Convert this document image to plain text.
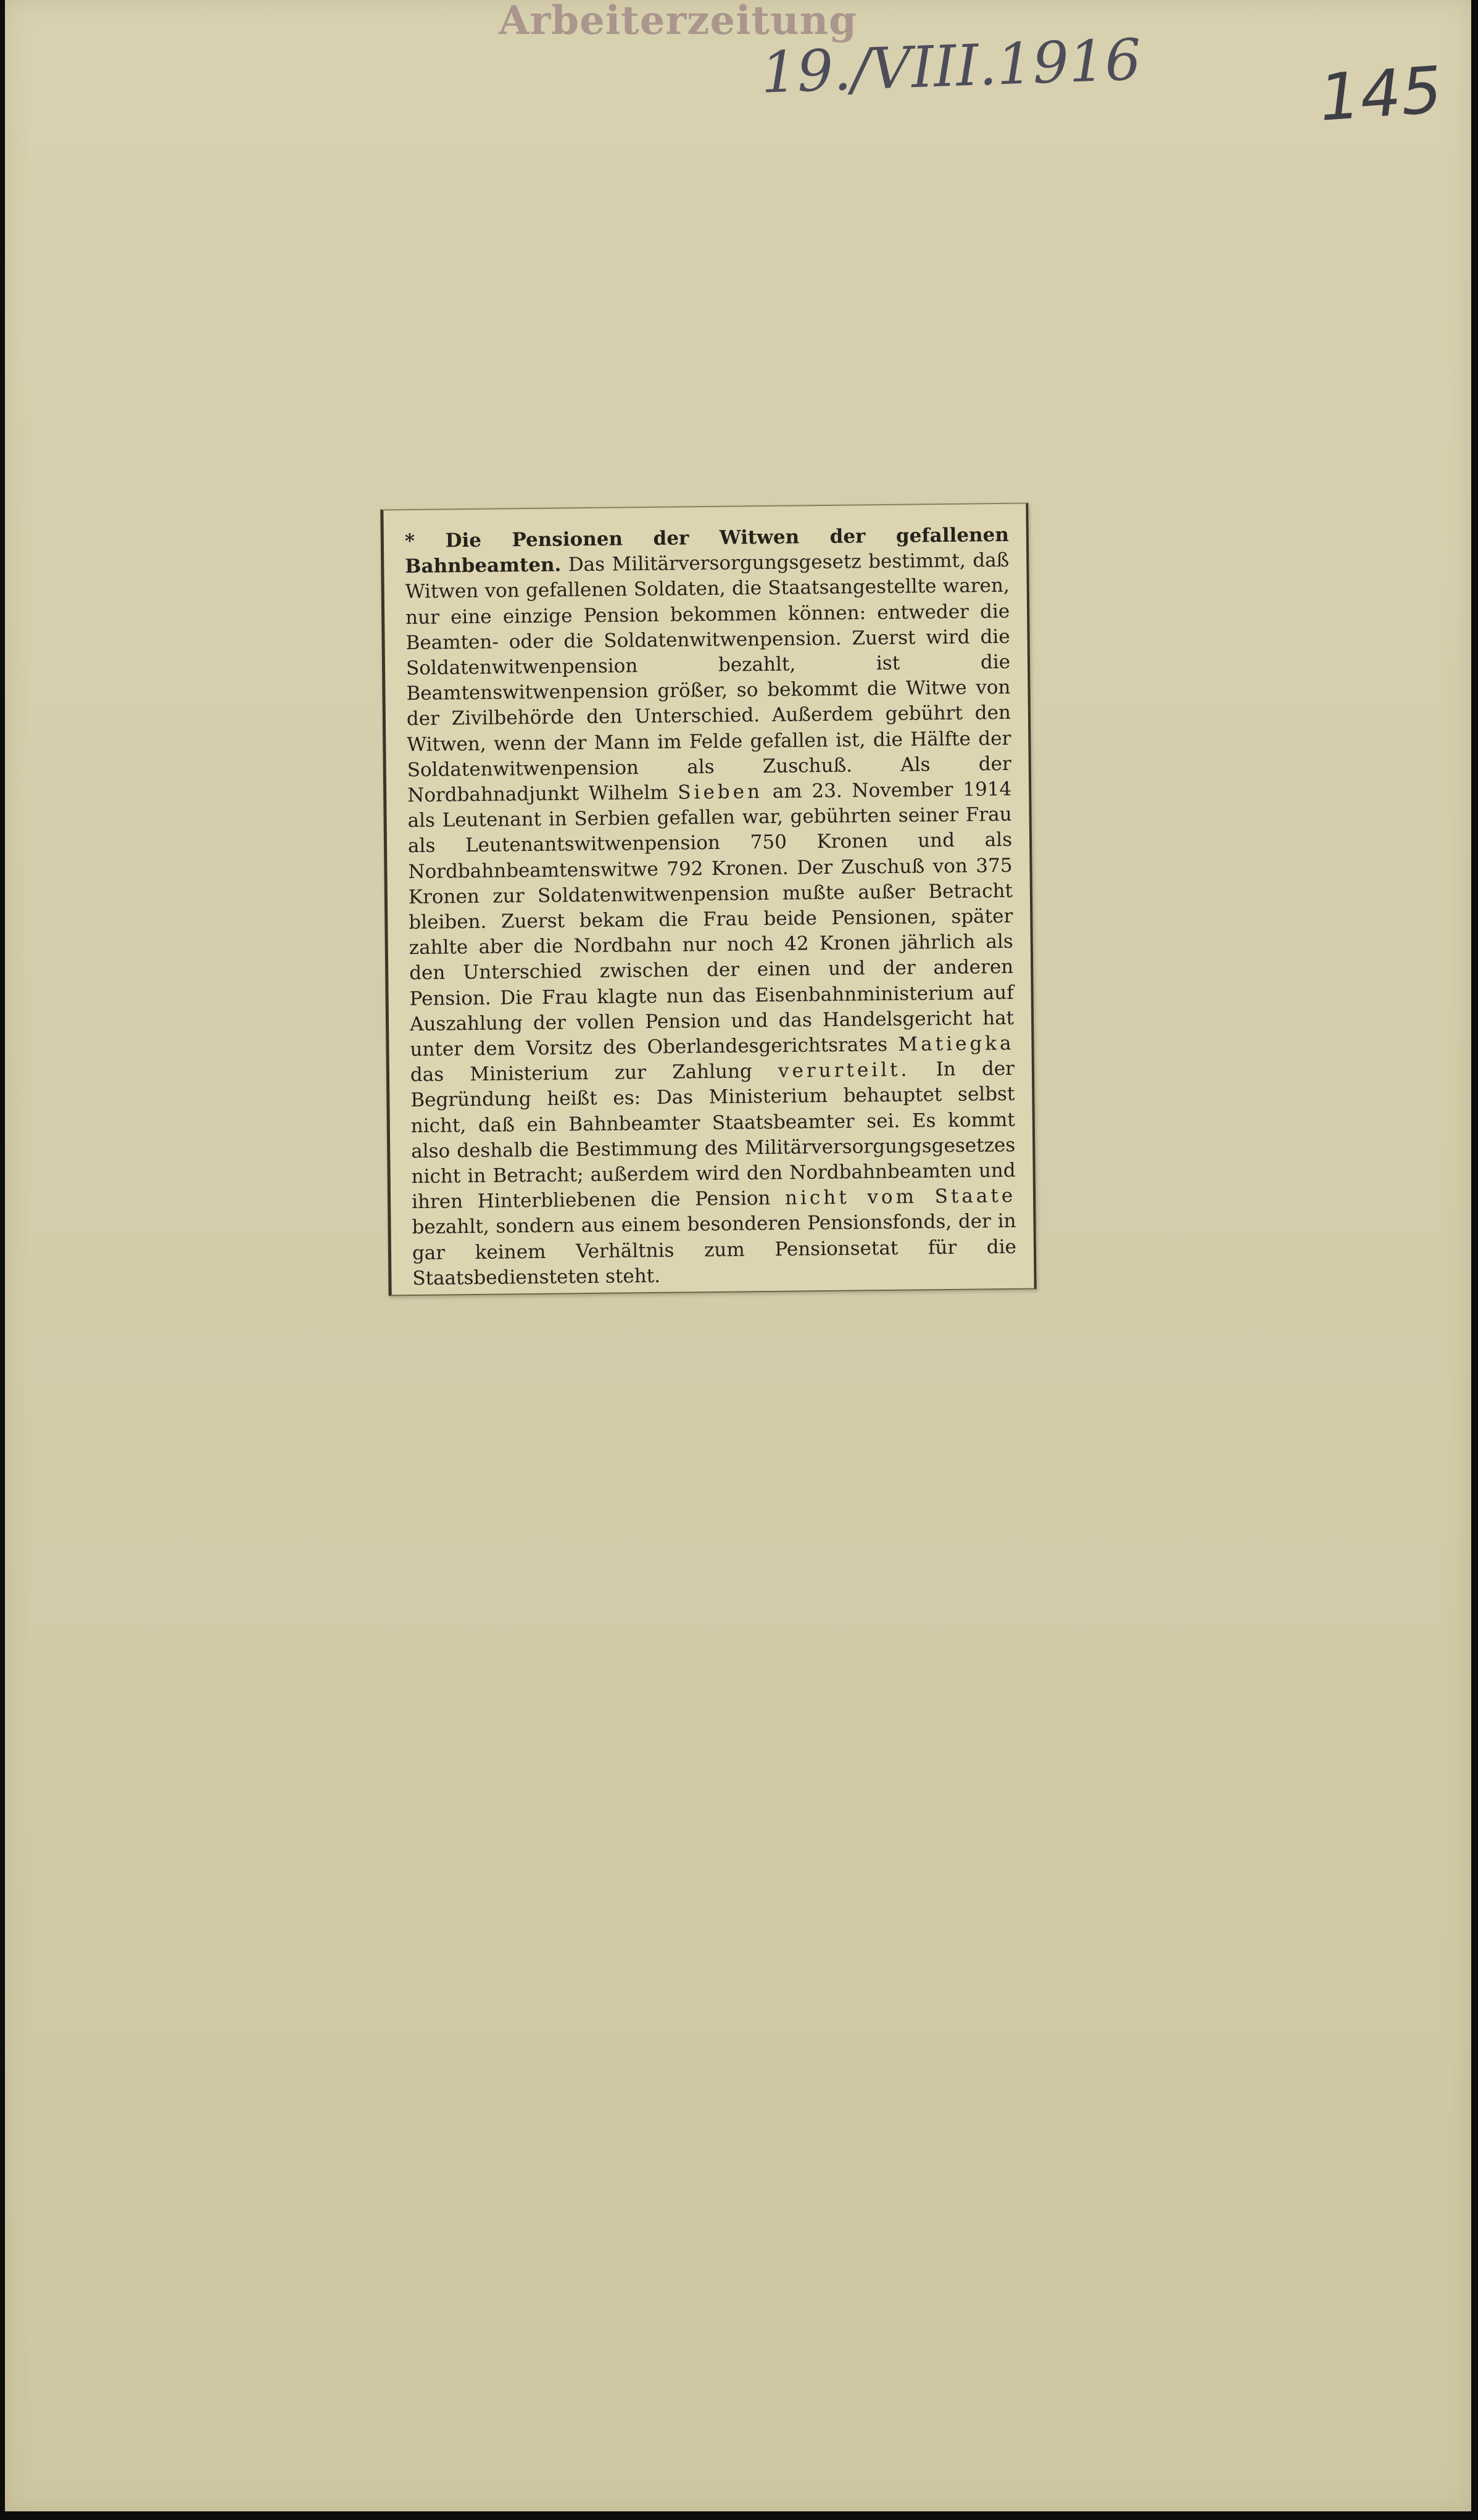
Arbeiterzeitung

19./VIII.1916	145

* Die Pensionen der Witwen der gefallenen Bahnbeamten. Das Militärversorgungsgesetz bestimmt, daß Witwen von gefallenen Soldaten, die Staatsangestellte waren, nur eine einzige Pension bekommen können: entweder die Beamten- oder die Soldatenwitwenpension. Zuerst wird die Soldatenwitwenpension bezahlt, ist die Beamtenswitwenpension größer, so bekommt die Witwe von der Zivilbehörde den Unterschied. Außerdem gebührt den Witwen, wenn der Mann im Felde gefallen ist, die Hälfte der Soldatenwitwenpension als Zuschuß. Als der Nordbahnadjunkt Wilhelm Sieben am 23. November 1914 als Leutenant in Serbien gefallen war, gebührten seiner Frau als Leutenantswitwenpension 750 Kronen und als Nordbahnbeamtenswitwe 792 Kronen. Der Zuschuß von 375 Kronen zur Soldatenwitwenpension mußte außer Betracht bleiben. Zuerst bekam die Frau beide Pensionen, später zahlte aber die Nordbahn nur noch 42 Kronen jährlich als den Unterschied zwischen der einen und der anderen Pension. Die Frau klagte nun das Eisenbahnministerium auf Auszahlung der vollen Pension und das Handelsgericht hat unter dem Vorsitz des Oberlandesgerichtsrates Matiegka das Ministerium zur Zahlung verurteilt. In der Begründung heißt es: Das Ministerium behauptet selbst nicht, daß ein Bahnbeamter Staatsbeamter sei. Es kommt also deshalb die Bestimmung des Militärversorgungsgesetzes nicht in Betracht; außerdem wird den Nordbahnbeamten und ihren Hinterbliebenen die Pension nicht vom Staate bezahlt, sondern aus einem besonderen Pensionsfonds, der in gar keinem Verhältnis zum Pensionsetat für die Staatsbediensteten steht.
